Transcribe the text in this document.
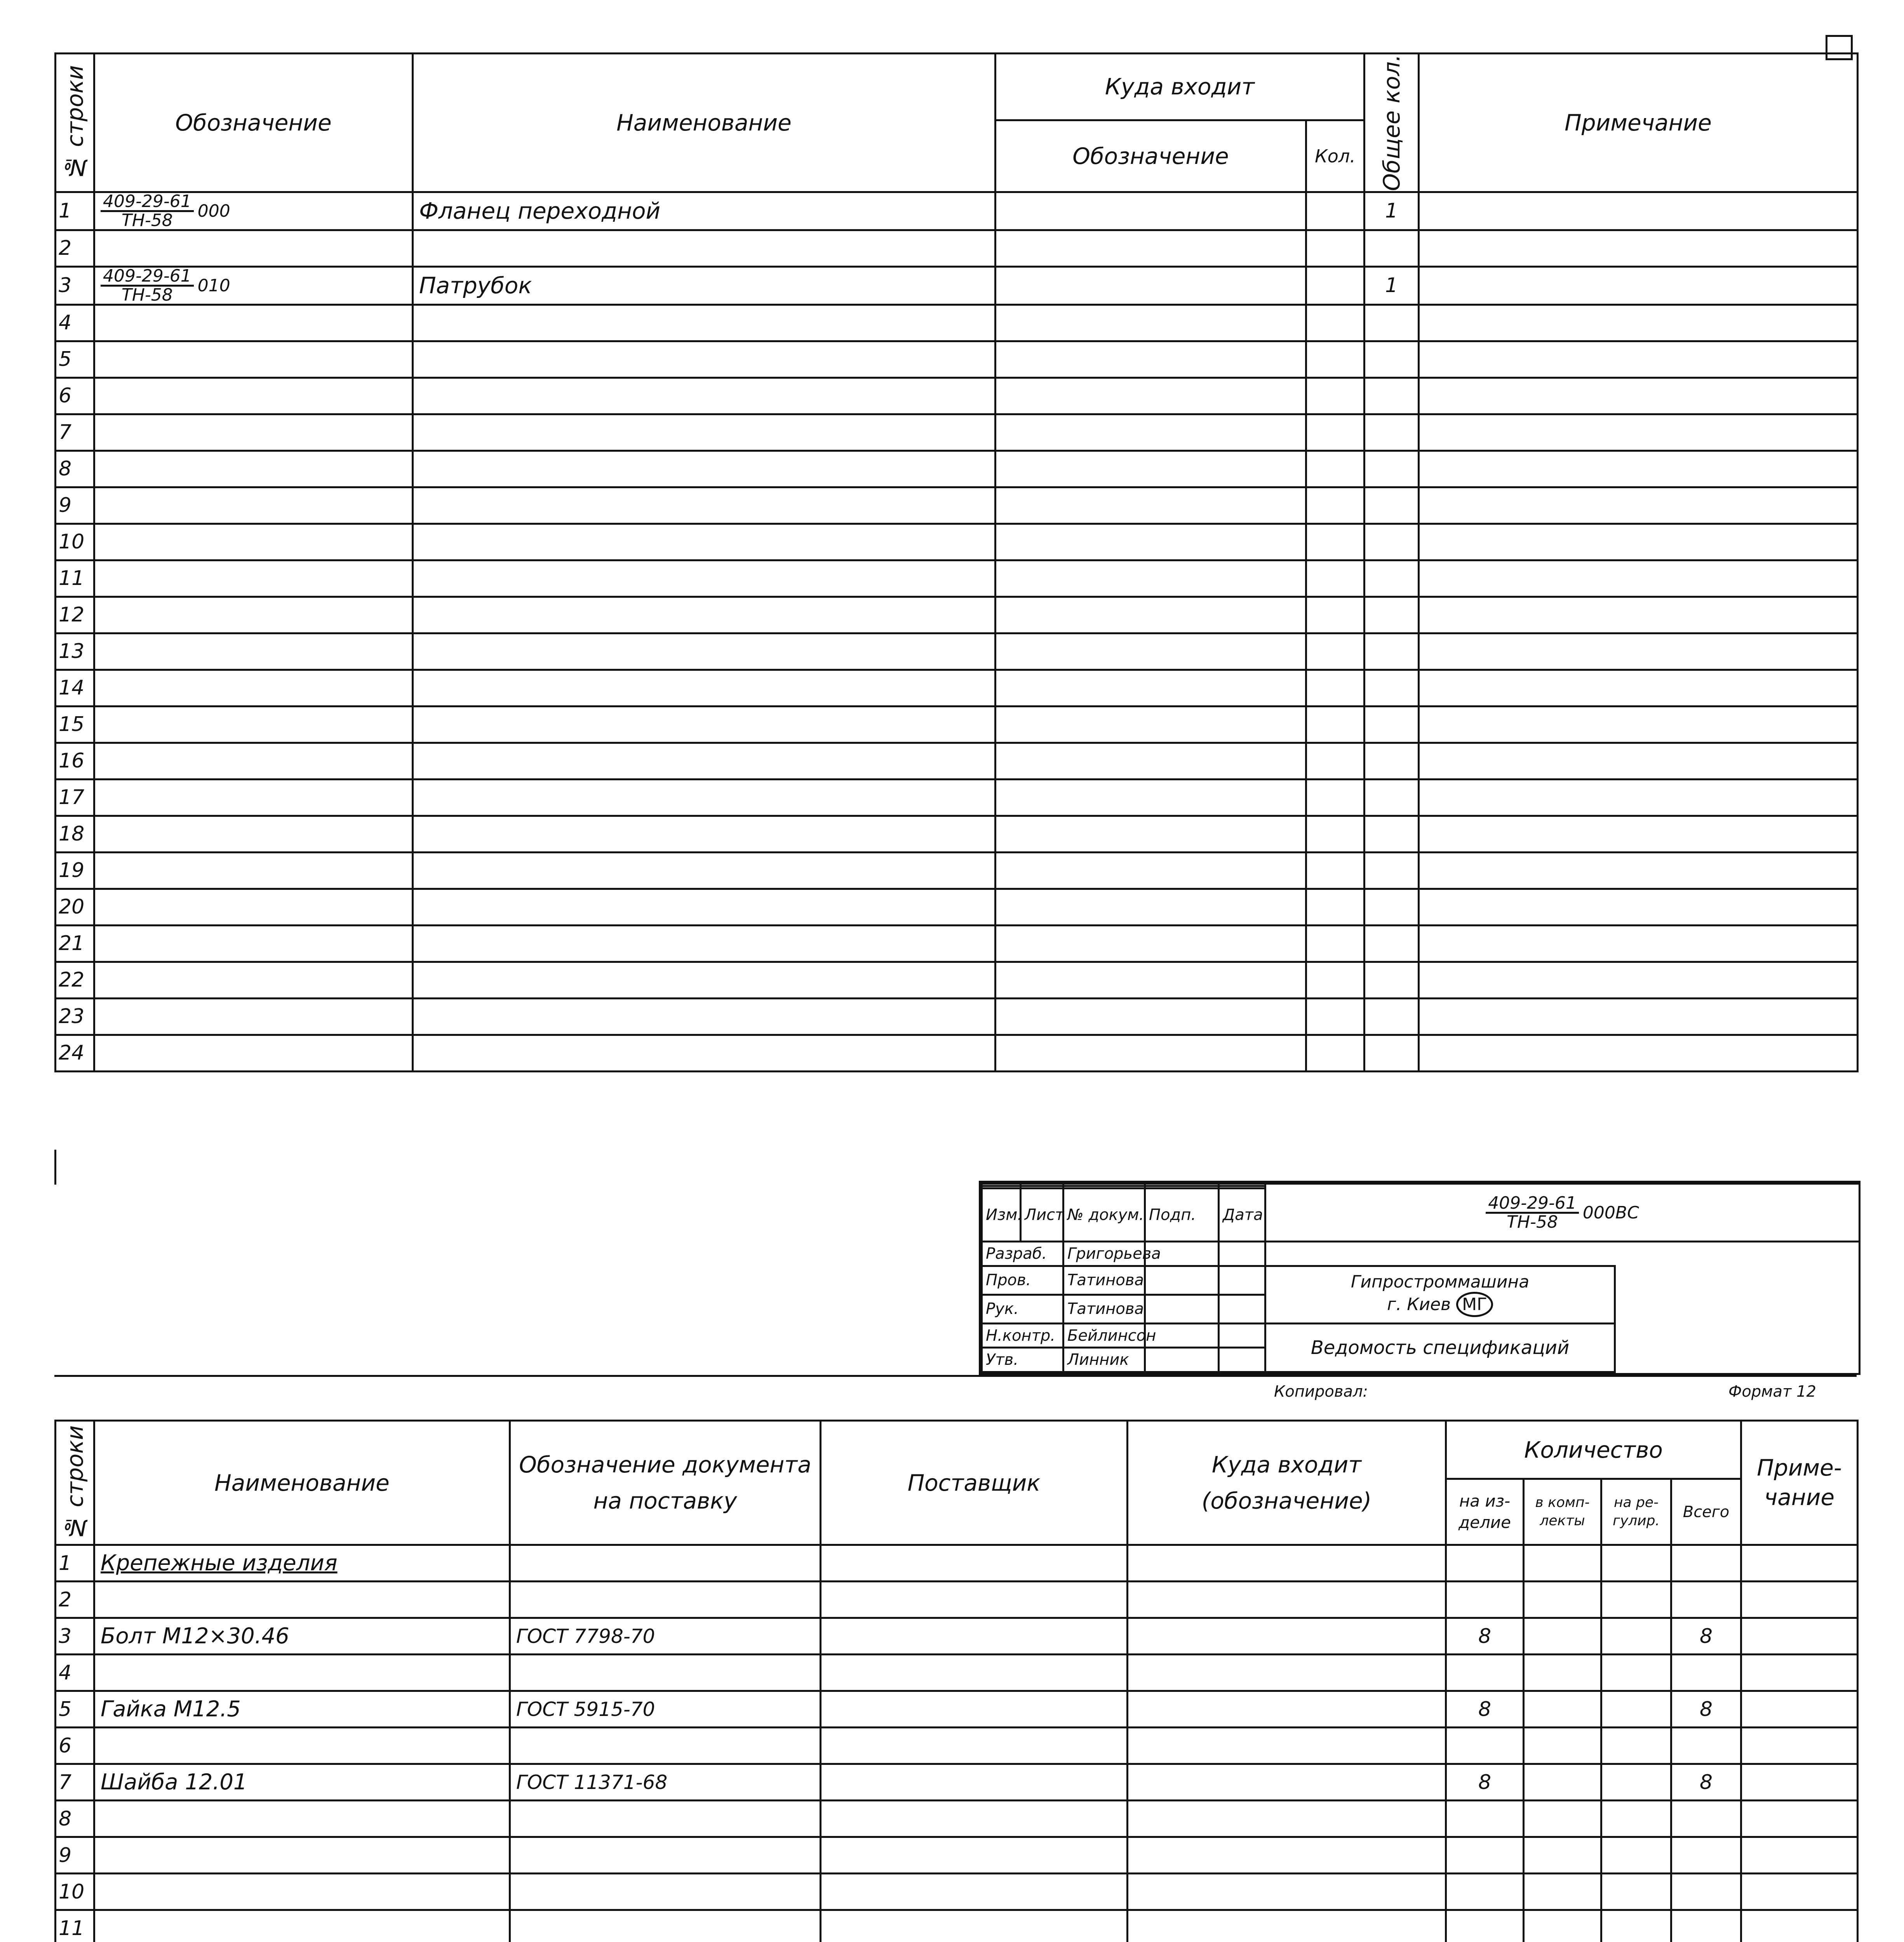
№ строки	Обозначение	Наименование	Куда входит		Общее кол.	Примечание
			Обозначение	Кол.		
1	$\frac{409-29-61}{ТН-58} 000$	Фланец переходной			1	
2						
3	$\frac{409-29-61}{ТН-58} 010$	Патрубок			1	
4						
5						
6						
7						
8						
9						
10						
11						
12						
13						
14						
15						
16						
17						
18						
19						
20						
21						
22						
23						
24						

$\frac{409-29-61}{ТН-58} 000ВС$

Изм.	Лист	№ докум.	Подп.	Дата		

Разраб.	Григорьева		
Пров.	Татинова			Гипростроммашина
г. Киев МГ

Рук.	Татинова		
Н.контр.	Бейлинсон			Ведомость спецификаций
Утв.	Линник		
Копировал:	Формат 12
№ строки	Наименование	Обозначение документа на поставку	Поставщик	Куда входит (обозначение)	Количество				Приме-чание
					на из-делие	в комп-лекты	на ре-гулир.	Всего	
1	Крепежные изделия								
2									
3	Болт М12×30.46	ГОСТ 7798-70			8			8	
4									
5	Гайка М12.5	ГОСТ 5915-70			8			8	
6									
7	Шайба 12.01	ГОСТ 11371-68			8			8	
8									
9									
10									
11									
